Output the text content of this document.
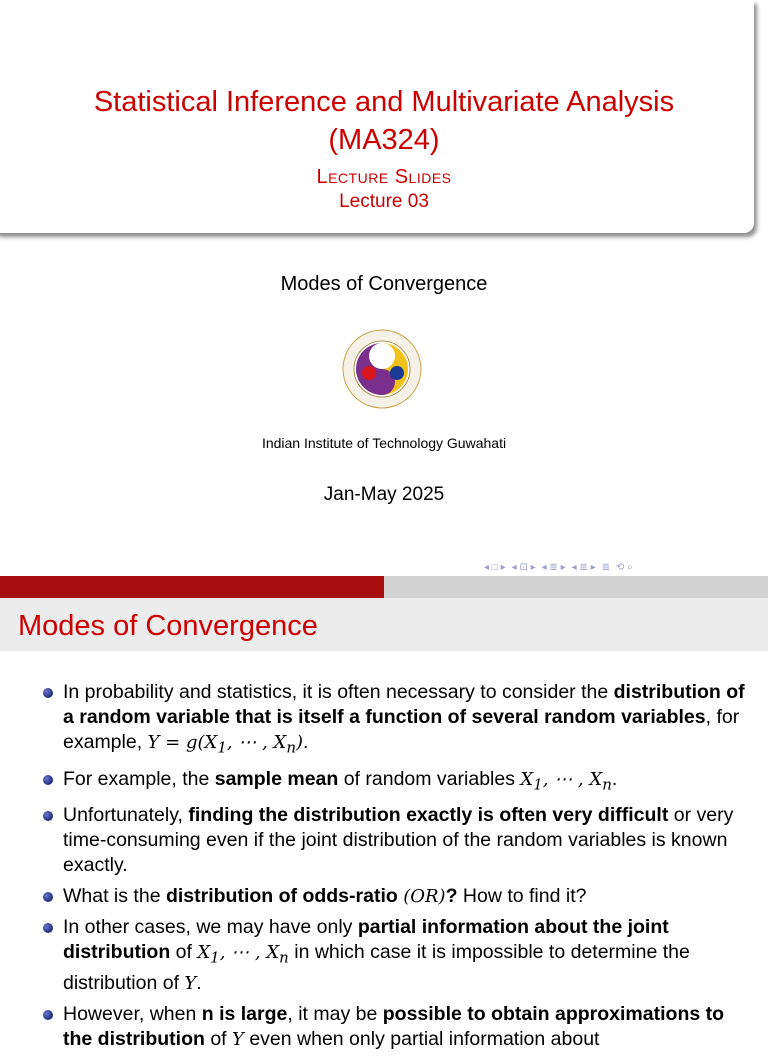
Statistical Inference and Multivariate Analysis
(MA324)
Lecture Slides
Lecture 03
Modes of Convergence
Indian Institute of Technology Guwahati
Jan-May 2025
◂ □ ▸ ◂ ⊡ ▸ ◂ ≣ ▸ ◂ ≣ ▸ ≣ ⟲ ⌕
Modes of Convergence
In probability and statistics, it is often necessary to consider the distribution of a random variable that is itself a function of several random variables, for example, $Y = g(X_1$, ⋯ , $X_n$).
For example, the sample mean of random variables $X_1$, ⋯ , $X_n$.
Unfortunately, finding the distribution exactly is often very difficult or very time-consuming even if the joint distribution of the random variables is known exactly.
What is the distribution of odds-ratio (OR)? How to find it?
In other cases, we may have only partial information about the joint distribution of $X_1$, ⋯ , $X_n$ in which case it is impossible to determine the distribution of Y.
However, when n is large, it may be possible to obtain approximations to the distribution of Y even when only partial information about
